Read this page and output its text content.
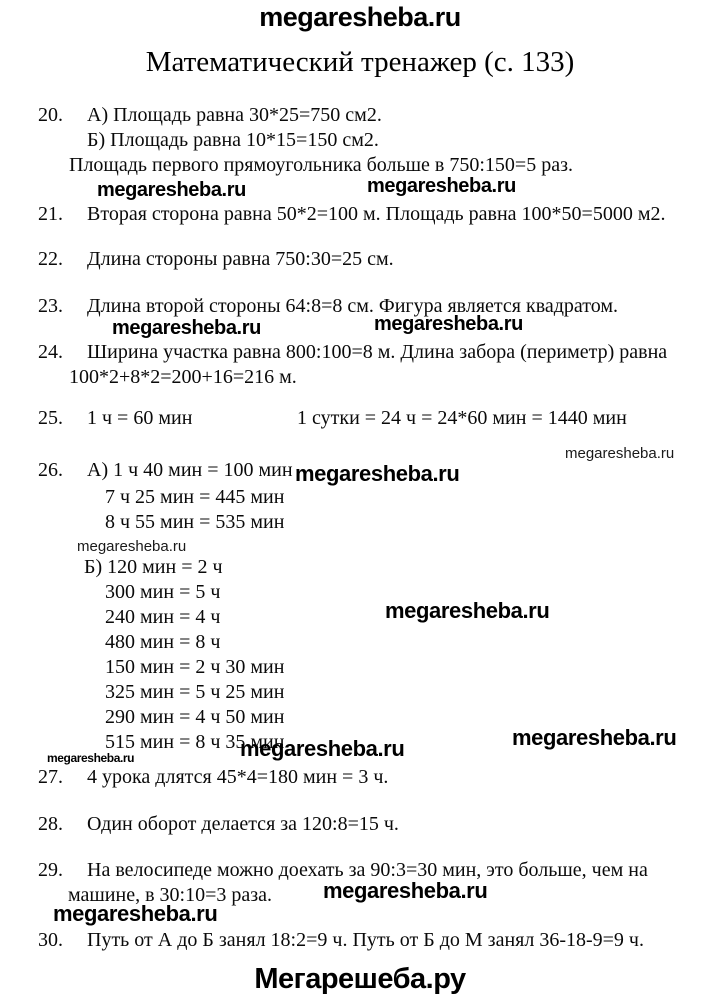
megaresheba.ru
Математический тренажер (с. 133)
20. А) Площадь равна 30*25=750 см2.
Б) Площадь равна 10*15=150 см2.
Площадь первого прямоугольника больше в 750:150=5 раз.
megaresheba.ru	megaresheba.ru
21. Вторая сторона равна 50*2=100 м. Площадь равна 100*50=5000 м2.
22. Длина стороны равна 750:30=25 см.
23. Длина второй стороны 64:8=8 см. Фигура является квадратом.
megaresheba.ru	megaresheba.ru
24. Ширина участка равна 800:100=8 м. Длина забора (периметр) равна
100*2+8*2=200+16=216 м.
25. 1 ч = 60 мин	1 сутки = 24 ч = 24*60 мин = 1440 мин
megaresheba.ru
26. А) 1 ч 40 мин = 100 мин megaresheba.ru
7 ч 25 мин = 445 мин
8 ч 55 мин = 535 мин
megaresheba.ru
Б) 120 мин = 2 ч
300 мин = 5 ч
240 мин = 4 ч	megaresheba.ru
480 мин = 8 ч
150 мин = 2 ч 30 мин
325 мин = 5 ч 25 мин
290 мин = 4 ч 50 мин
515 мин = 8 ч 35 мин	megaresheba.ru
megaresheba.ru
megaresheba.ru
27. 4 урока длятся 45*4=180 мин = 3 ч.
28. Один оборот делается за 120:8=15 ч.
29. На велосипеде можно доехать за 90:3=30 мин, это больше, чем на
машине, в 30:10=3 раза. megaresheba.ru
megaresheba.ru
30. Путь от А до Б занял 18:2=9 ч. Путь от Б до М занял 36-18-9=9 ч.
Мегарешеба.ру
